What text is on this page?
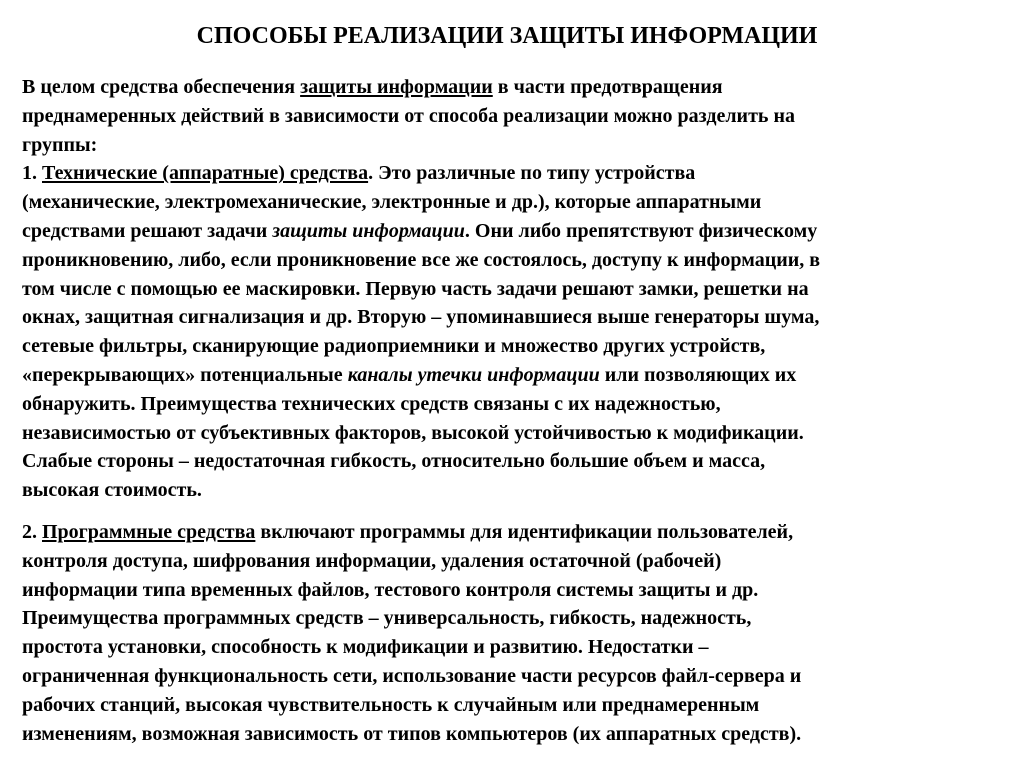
СПОСОБЫ РЕАЛИЗАЦИИ ЗАЩИТЫ ИНФОРМАЦИИ

В целом средства обеспечения защиты информации в части предотвращения
преднамеренных действий в зависимости от способа реализации можно разделить на
группы:
1. Технические (аппаратные) средства. Это различные по типу устройства
(механические, электромеханические, электронные и др.), которые аппаратными
средствами решают задачи защиты информации. Они либо препятствуют физическому
проникновению, либо, если проникновение все же состоялось, доступу к информации, в
том числе с помощью ее маскировки. Первую часть задачи решают замки, решетки на
окнах, защитная сигнализация и др. Вторую – упоминавшиеся выше генераторы шума,
сетевые фильтры, сканирующие радиоприемники и множество других устройств,
«перекрывающих» потенциальные каналы утечки информации или позволяющих их
обнаружить. Преимущества технических средств связаны с их надежностью,
независимостью от субъективных факторов, высокой устойчивостью к модификации.
Слабые стороны – недостаточная гибкость, относительно большие объем и масса,
высокая стоимость.

2. Программные средства включают программы для идентификации пользователей,
контроля доступа, шифрования информации, удаления остаточной (рабочей)
информации типа временных файлов, тестового контроля системы защиты и др.
Преимущества программных средств – универсальность, гибкость, надежность,
простота установки, способность к модификации и развитию. Недостатки –
ограниченная функциональность сети, использование части ресурсов файл-сервера и
рабочих станций, высокая чувствительность к случайным или преднамеренным
изменениям, возможная зависимость от типов компьютеров (их аппаратных средств).
